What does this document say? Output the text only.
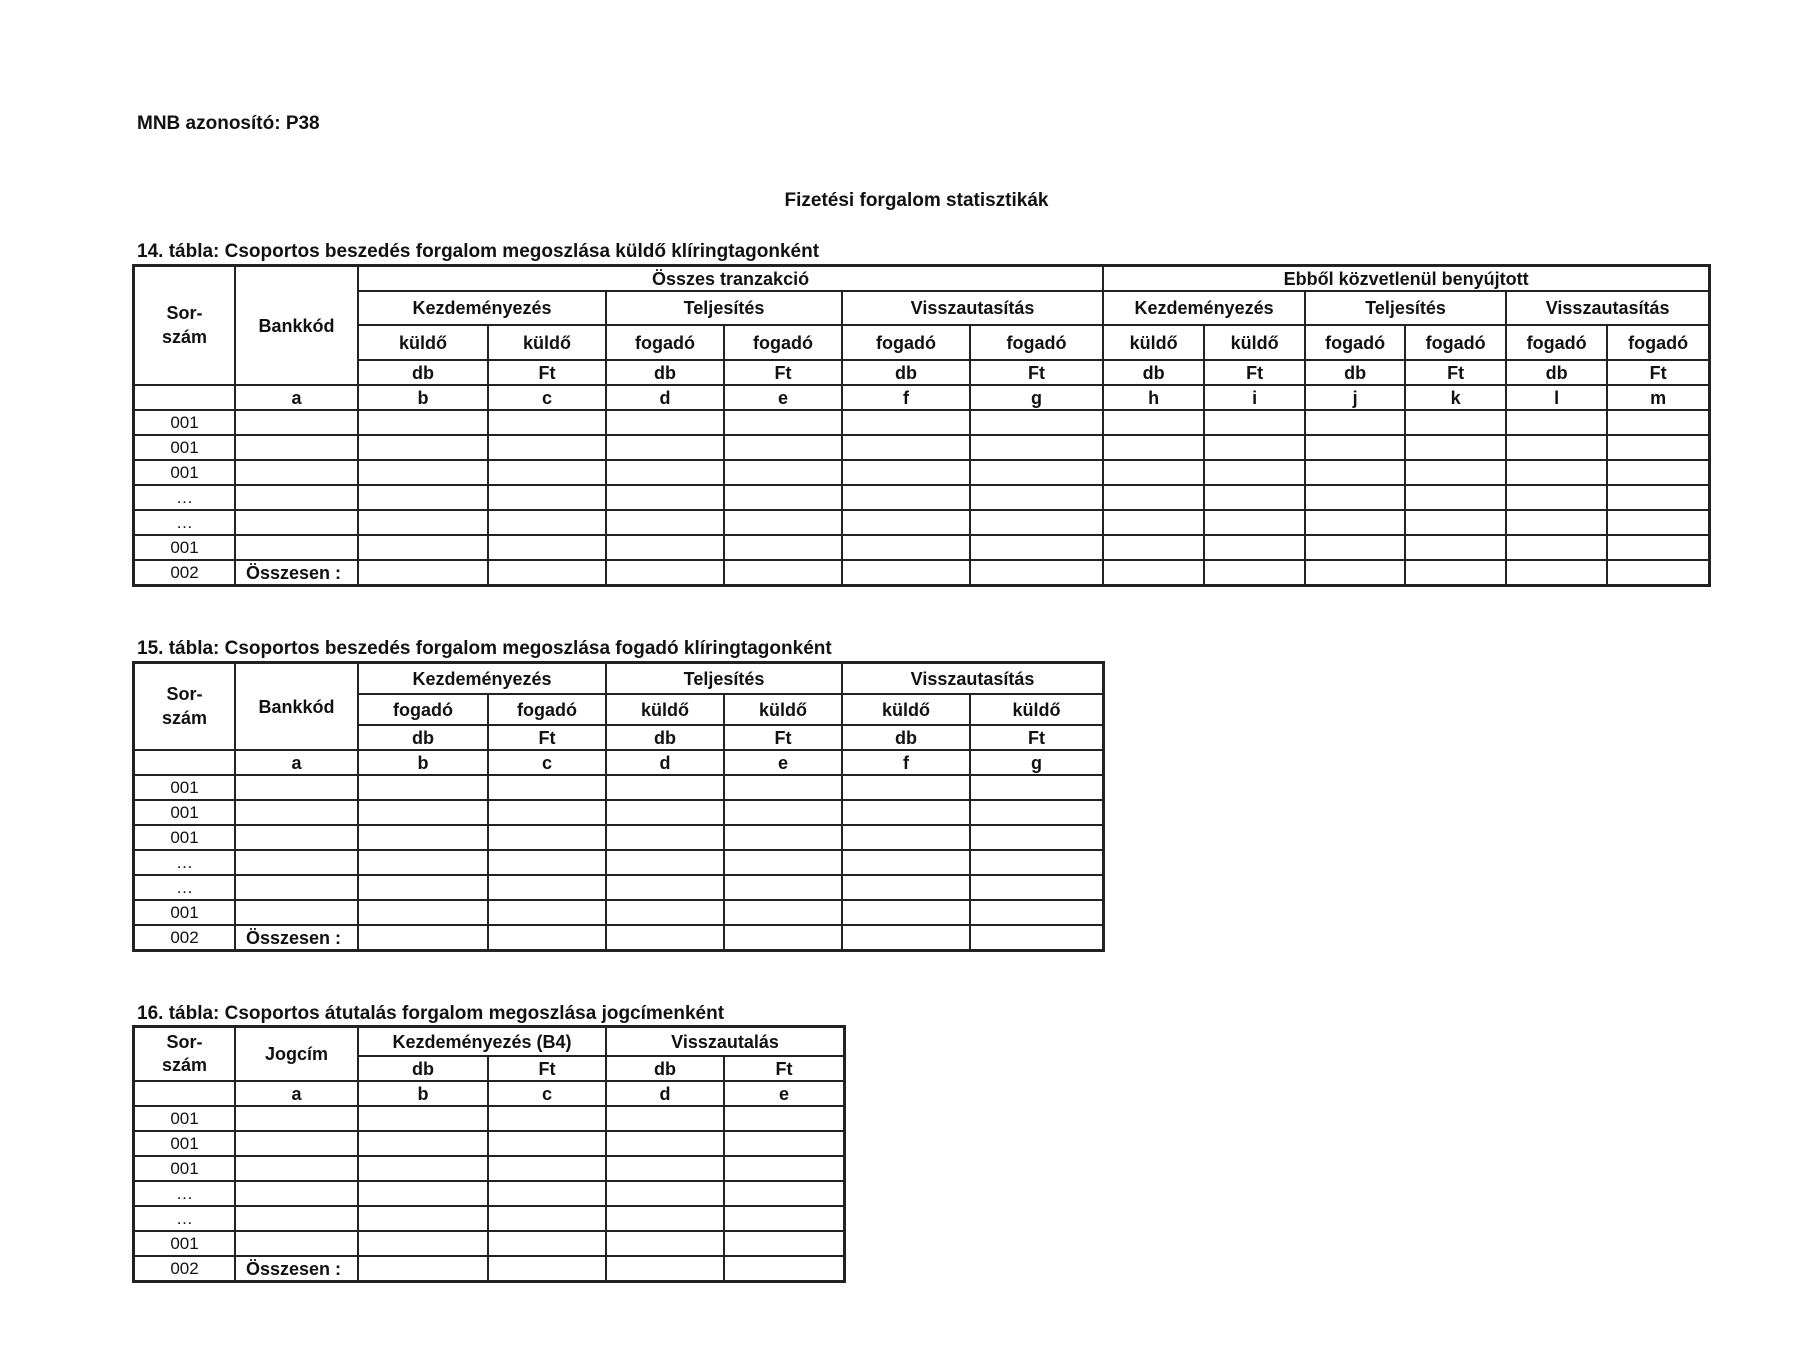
MNB azonosító: P38
Fizetési forgalom statisztikák
14. tábla: Csoportos beszedés forgalom megoszlása küldő klíringtagonként
Sor-
szám	Bankkód	Összes tranzakció						Ebből közvetlenül benyújtott					
		Kezdeményezés		Teljesítés		Visszautasítás		Kezdeményezés		Teljesítés		Visszautasítás	
		küldő	küldő	fogadó	fogadó	fogadó	fogadó	küldő	küldő	fogadó	fogadó	fogadó	fogadó
		db	Ft	db	Ft	db	Ft	db	Ft	db	Ft	db	Ft
	a	b	c	d	e	f	g	h	i	j	k	l	m
001													
001													
001													
…													
…													
001													
002	Összesen :												
15. tábla: Csoportos beszedés forgalom megoszlása fogadó klíringtagonként
Sor-
szám	Bankkód	Kezdeményezés		Teljesítés		Visszautasítás	
		fogadó	fogadó	küldő	küldő	küldő	küldő
		db	Ft	db	Ft	db	Ft
	a	b	c	d	e	f	g
001							
001							
001							
…							
…							
001							
002	Összesen :						
16. tábla: Csoportos átutalás forgalom megoszlása jogcímenként
Sor-
szám	Jogcím	Kezdeményezés (B4)		Visszautalás	
		db	Ft	db	Ft
	a	b	c	d	e
001					
001					
001					
…					
…					
001					
002	Összesen :				
